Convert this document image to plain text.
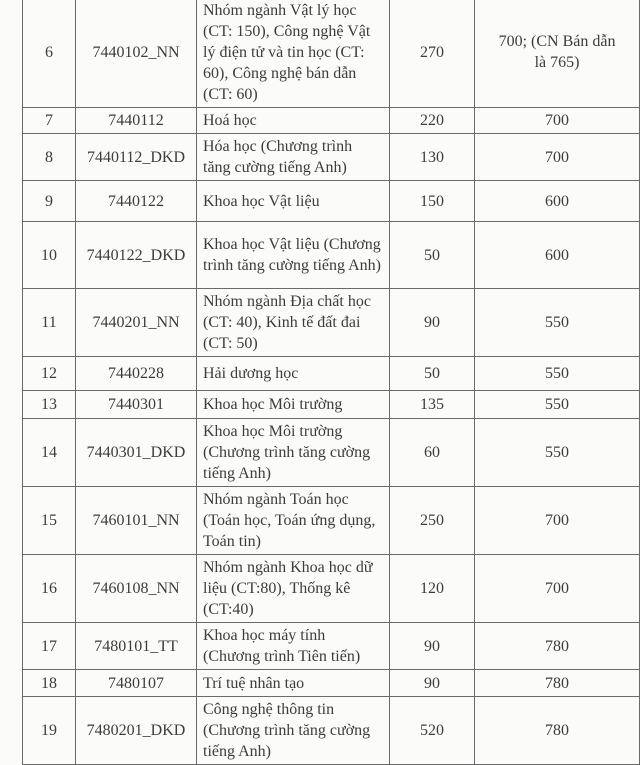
6	7440102_NN	Nhóm ngành Vật lý học (CT: 150), Công nghệ Vật lý điện tử và tin học (CT: 60), Công nghệ bán dẫn (CT: 60)	270	700; (CN Bán dẫn là 765)
7	7440112	Hoá học	220	700
8	7440112_DKD	Hóa học (Chương trình tăng cường tiếng Anh)	130	700
9	7440122	Khoa học Vật liệu	150	600
10	7440122_DKD	Khoa học Vật liệu (Chương trình tăng cường tiếng Anh)	50	600
11	7440201_NN	Nhóm ngành Địa chất học (CT: 40), Kinh tế đất đai (CT: 50)	90	550
12	7440228	Hải dương học	50	550
13	7440301	Khoa học Môi trường	135	550
14	7440301_DKD	Khoa học Môi trường (Chương trình tăng cường tiếng Anh)	60	550
15	7460101_NN	Nhóm ngành Toán học (Toán học, Toán ứng dụng, Toán tin)	250	700
16	7460108_NN	Nhóm ngành Khoa học dữ liệu (CT:80), Thống kê (CT:40)	120	700
17	7480101_TT	Khoa học máy tính (Chương trình Tiên tiến)	90	780
18	7480107	Trí tuệ nhân tạo	90	780
19	7480201_DKD	Công nghệ thông tin (Chương trình tăng cường tiếng Anh)	520	780
